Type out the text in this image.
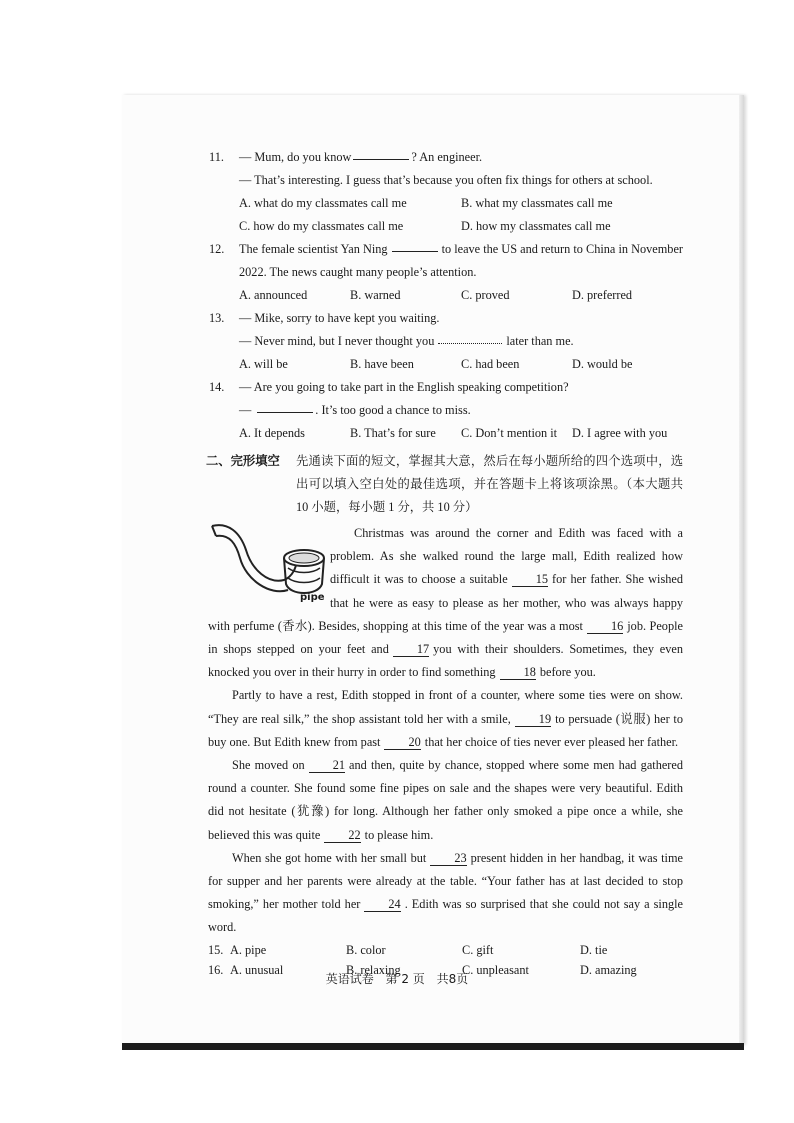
11.	— Mum, do you know	? An engineer.
— That’s interesting. I guess that’s because you often fix things for others at school.
A. what do my classmates call me	B. what my classmates call me
C. how do my classmates call me	D. how my classmates call me
12.	The female scientist Yan Ning	to leave the US and return to China in November
2022. The news caught many people’s attention.
A. announced	B. warned	C. proved	D. preferred
13.	— Mike, sorry to have kept you waiting.
— Never mind, but I never thought you	later than me.
A. will be	B. have been	C. had been	D. would be
14.	— Are you going to take part in the English speaking competition?
—	. It’s too good a chance to miss.
A. It depends	B. That’s for sure	C. Don’t mention it	D. I agree with you
二、完形填空	先通读下面的短文，掌握其大意，然后在每小题所给的四个选项中，选出可以填入空白处的最佳选项，并在答题卡上将该项涂黑。（本大题共 10 小题，每小题 1 分，共 10 分）
pipe

Christmas was around the corner and Edith was faced with a problem. As she walked round the large mall, Edith realized how difficult it was to choose a suitable 15 for her father. She wished that he were as easy to please as her mother, who was always happy with perfume (香水). Besides, shopping at this time of the year was a most 16 job. People in shops stepped on your feet and 17 you with their shoulders. Sometimes, they even knocked you over in their hurry in order to find something 18 before you.

Partly to have a rest, Edith stopped in front of a counter, where some ties were on show. “They are real silk,” the shop assistant told her with a smile, 19 to persuade (说服) her to buy one. But Edith knew from past 20 that her choice of ties never ever pleased her father.

She moved on 21 and then, quite by chance, stopped where some men had gathered round a counter. She found some fine pipes on sale and the shapes were very beautiful. Edith did not hesitate (犹豫) for long. Although her father only smoked a pipe once a while, she believed this was quite 22 to please him.

When she got home with her small but 23 present hidden in her handbag, it was time for supper and her parents were already at the table. “Your father has at last decided to stop smoking,” her mother told her 24 . Edith was so surprised that she could not say a single word.

15. A. pipe	B. color	C. gift	D. tie
16. A. unusual	B. relaxing	C. unpleasant	D. amazing
英语试卷 第 2 页 共8页
